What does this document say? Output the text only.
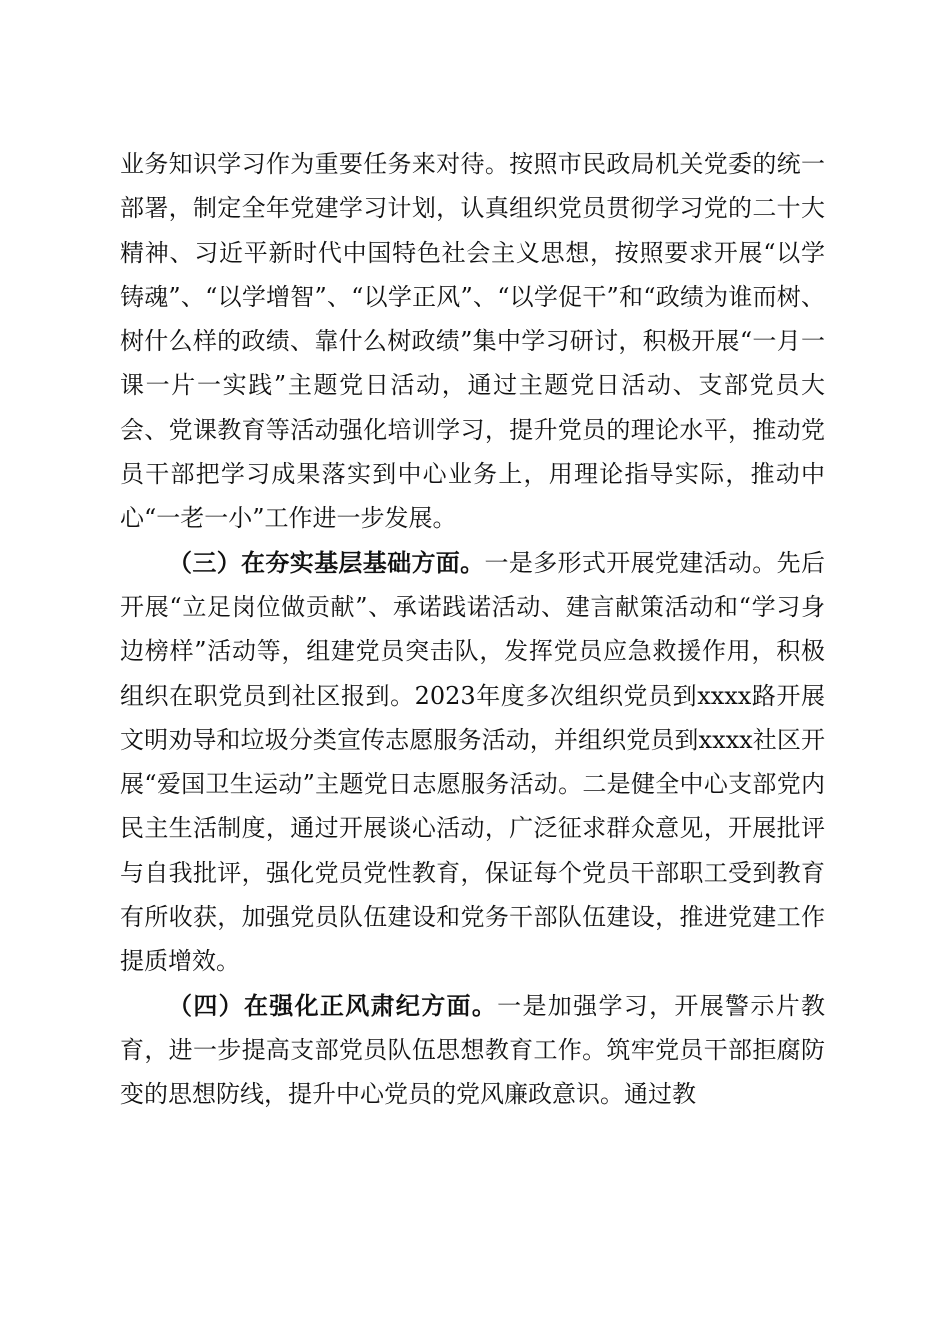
业务知识学习作为重要任务来对待。按照市民政局机关党委的统一部署，制定全年党建学习计划，认真组织党员贯彻学习党的二十大精神、习近平新时代中国特色社会主义思想，按照要求开展“以学铸魂”、“以学增智”、“以学正风”、“以学促干”和“政绩为谁而树、树什么样的政绩、靠什么树政绩”集中学习研讨，积极开展“一月一课一片一实践”主题党日活动，通过主题党日活动、支部党员大会、党课教育等活动强化培训学习，提升党员的理论水平，推动党员干部把学习成果落实到中心业务上，用理论指导实际，推动中心“一老一小”工作进一步发展。

（三）在夯实基层基础方面。一是多形式开展党建活动。先后开展“立足岗位做贡献”、承诺践诺活动、建言献策活动和“学习身边榜样”活动等，组建党员突击队，发挥党员应急救援作用，积极组织在职党员到社区报到。2023年度多次组织党员到xxxx路开展文明劝导和垃圾分类宣传志愿服务活动，并组织党员到xxxx社区开展“爱国卫生运动”主题党日志愿服务活动。二是健全中心支部党内民主生活制度，通过开展谈心活动，广泛征求群众意见，开展批评与自我批评，强化党员党性教育，保证每个党员干部职工受到教育有所收获，加强党员队伍建设和党务干部队伍建设，推进党建工作提质增效。

（四）在强化正风肃纪方面。一是加强学习，开展警示片教育，进一步提高支部党员队伍思想教育工作。筑牢党员干部拒腐防变的思想防线，提升中心党员的党风廉政意识。通过教
